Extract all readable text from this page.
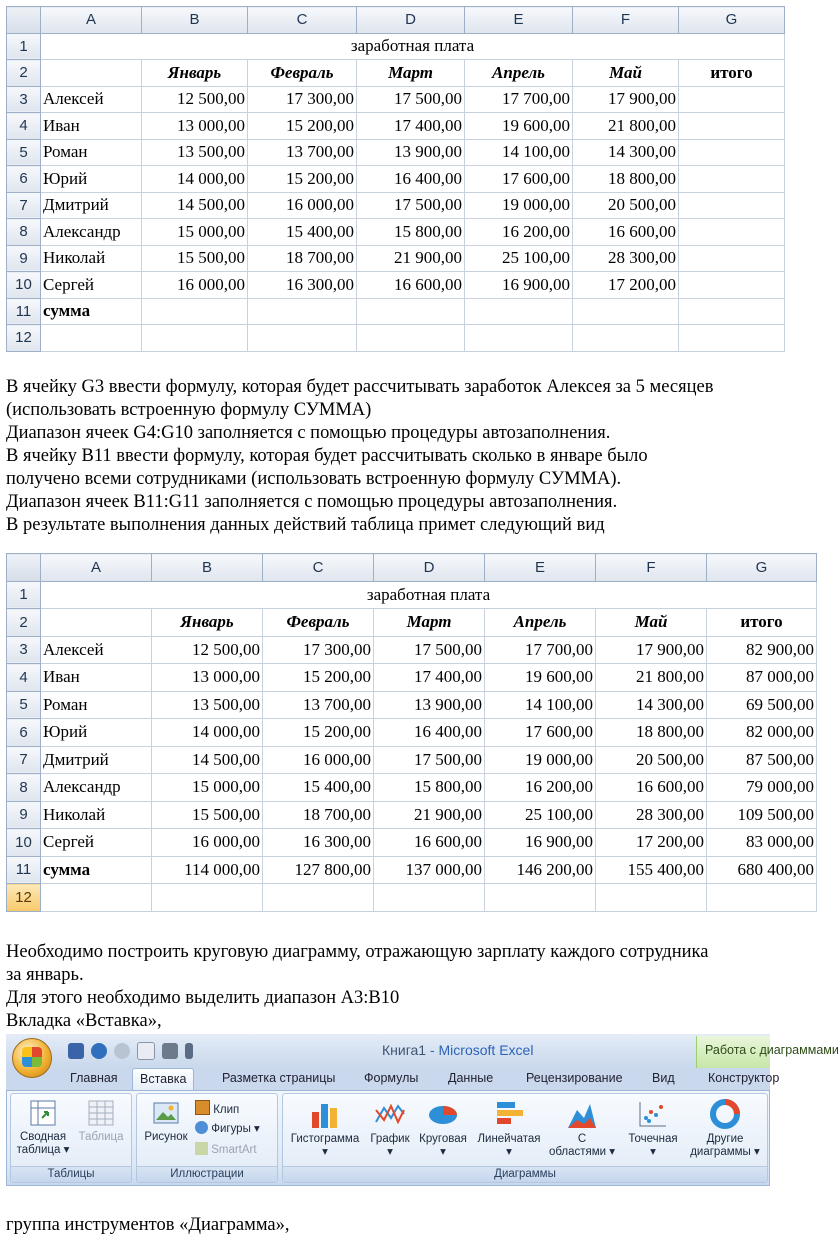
	A	B	C	D	E	F	G
1	заработная плата						
2		Январь	Февраль	Март	Апрель	Май	итого
3	Алексей	12 500,00	17 300,00	17 500,00	17 700,00	17 900,00	
4	Иван	13 000,00	15 200,00	17 400,00	19 600,00	21 800,00	
5	Роман	13 500,00	13 700,00	13 900,00	14 100,00	14 300,00	
6	Юрий	14 000,00	15 200,00	16 400,00	17 600,00	18 800,00	
7	Дмитрий	14 500,00	16 000,00	17 500,00	19 000,00	20 500,00	
8	Александр	15 000,00	15 400,00	15 800,00	16 200,00	16 600,00	
9	Николай	15 500,00	18 700,00	21 900,00	25 100,00	28 300,00	
10	Сергей	16 000,00	16 300,00	16 600,00	16 900,00	17 200,00	
11	сумма						
12							
В ячейку G3 ввести формулу, которая будет рассчитывать заработок Алексея за 5 месяцев
(использовать встроенную формулу СУММА)
Диапазон ячеек G4:G10 заполняется с помощью процедуры автозаполнения.
В ячейку В11 ввести формулу, которая будет рассчитывать сколько в январе было
получено всеми сотрудниками (использовать встроенную формулу СУММА).
Диапазон ячеек В11:G11 заполняется с помощью процедуры автозаполнения.
В результате выполнения данных действий таблица примет следующий вид
	A	B	C	D	E	F	G
1	заработная плата						
2		Январь	Февраль	Март	Апрель	Май	итого
3	Алексей	12 500,00	17 300,00	17 500,00	17 700,00	17 900,00	82 900,00
4	Иван	13 000,00	15 200,00	17 400,00	19 600,00	21 800,00	87 000,00
5	Роман	13 500,00	13 700,00	13 900,00	14 100,00	14 300,00	69 500,00
6	Юрий	14 000,00	15 200,00	16 400,00	17 600,00	18 800,00	82 000,00
7	Дмитрий	14 500,00	16 000,00	17 500,00	19 000,00	20 500,00	87 500,00
8	Александр	15 000,00	15 400,00	15 800,00	16 200,00	16 600,00	79 000,00
9	Николай	15 500,00	18 700,00	21 900,00	25 100,00	28 300,00	109 500,00
10	Сергей	16 000,00	16 300,00	16 600,00	16 900,00	17 200,00	83 000,00
11	сумма	114 000,00	127 800,00	137 000,00	146 200,00	155 400,00	680 400,00
12							
Необходимо построить круговую диаграмму, отражающую зарплату каждого сотрудника
за январь.
Для этого необходимо выделить диапазон А3:В10
Вкладка «Вставка»,
Книга1 - Microsoft Excel	Работа с диаграммами
Главная	Вставка	Разметка страницы Формулы Данные	Рецензирование Вид	Конструктор
Сводная
таблица ▾
Таблица
Таблицы
Рисунок
Клип
Фигуры ▾
SmartArt
Иллюстрации
Гистограмма
▾
График
▾
Круговая
▾
Линейчатая
▾
С
областями ▾
Точечная
▾
Другие
диаграммы ▾
Диаграммы
группа инструментов «Диаграмма»,
